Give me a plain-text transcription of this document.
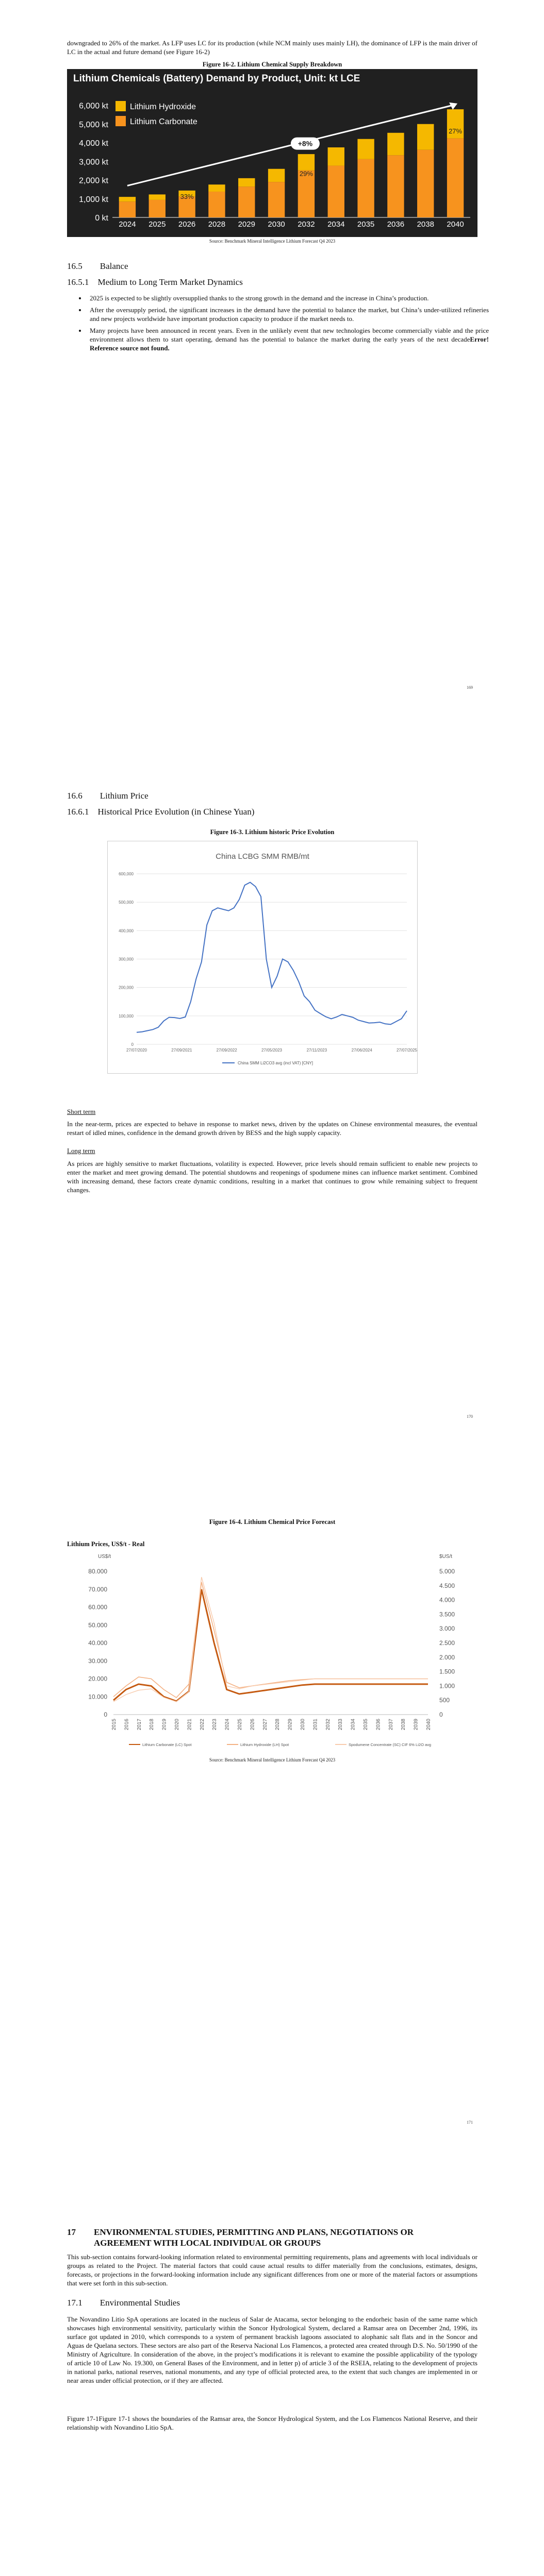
downgraded to 26% of the market. As LFP uses LC for its production (while NCM mainly uses mainly LH), the dominance of LFP is the main driver of LC in the actual and future demand (see Figure 16-2)

Figure 16-2. Lithium Chemical Supply Breakdown

Lithium Chemicals (Battery) Demand by Product, Unit: kt LCE
0 kt
1,000 kt
2,000 kt
3,000 kt
4,000 kt
5,000 kt
6,000 kt
2024 2025 2026 2028 2029 2030 2032 2034 2035 2036 2038 2040
Lithium Hydroxide
Lithium Carbonate
33%
29%
27%
+8%

Source: Benchmark Mineral Intelligence Lithium Forecast Q4 2023

16.5  Balance
16.5.1 Medium to Long Term Market Dynamics
• 2025 is expected to be slightly oversupplied thanks to the strong growth in the demand and the increase in China’s production.
• After the oversupply period, the significant increases in the demand have the potential to balance the market, but China’s under-utilized refineries and new projects worldwide have important production capacity to produce if the market needs to.
• Many projects have been announced in recent years. Even in the unlikely event that new technologies become commercially viable and the price environment allows them to start operating, demand has the potential to balance the market during the early years of the next decadeError! Reference source not found.
169
16.6  Lithium Price
16.6.1 Historical Price Evolution (in Chinese Yuan)

Figure 16-3. Lithium historic Price Evolution

China LCBG SMM RMB/mt
0
100,000
200,000
300,000
400,000
500,000
600,000
27/07/2020	27/09/2021	27/09/2022	27/05/2023	27/11/2023	27/06/2024	27/07/2025
China SMM Li2CO3 avg (incl VAT) [CNY]
Short term

In the near-term, prices are expected to behave in response to market news, driven by the updates on Chinese environmental measures, the eventual restart of idled mines, confidence in the demand growth driven by BESS and the high supply capacity.

Long term

As prices are highly sensitive to market fluctuations, volatility is expected. However, price levels should remain sufficient to enable new projects to enter the market and meet growing demand. The potential shutdowns and reopenings of spodumene mines can influence market sentiment. Combined with increasing demand, these factors create dynamic conditions, resulting in a market that continues to grow while remaining subject to frequent changes.

170

Figure 16-4. Lithium Chemical Price Forecast

Lithium Prices, US$/t - Real
US$/t	$US/t
0
10.000
20.000
30.000
40.000
50.000
60.000
70.000
80.000
0
500
1.000
1.500
2.000
2.500
3.000
3.500
4.000
4.500
5.000
2015 2016 2017 2018 2019 2020 2021 2022 2023 2024 2025 2026 2027 2028 2029 2030 2031 2032 2033 2034 2035 2036 2037 2038 2039 2040
Lithium Carbonate (LC) Spot	Lithium Hydroxide (LH) Spot	Spodumene Concentrate (SC) CIF 6% Li2O avg

Source: Benchmark Mineral Intelligence Lithium Forecast Q4 2023

171
17 ENVIRONMENTAL STUDIES, PERMITTING AND PLANS, NEGOTIATIONS OR AGREEMENT WITH LOCAL INDIVIDUAL OR GROUPS

This sub-section contains forward-looking information related to environmental permitting requirements, plans and agreements with local individuals or groups as related to the Project. The material factors that could cause actual results to differ materially from the conclusions, estimates, designs, forecasts, or projections in the forward-looking information include any significant differences from one or more of the material factors or assumptions that were set forth in this sub-section.

17.1  Environmental Studies

The Novandino Litio SpA operations are located in the nucleus of Salar de Atacama, sector belonging to the endorheic basin of the same name which showcases high environmental sensitivity, particularly within the Soncor Hydrological System, declared a Ramsar area on December 2nd, 1996, its surface got updated in 2010, which corresponds to a system of permanent brackish lagoons associated to alophanic salt flats and in the Soncor and Aguas de Quelana sectors. These sectors are also part of the Reserva Nacional Los Flamencos, a protected area created through D.S. No. 50/1990 of the Ministry of Agriculture. In consideration of the above, in the project’s modifications it is relevant to examine the possible applicability of the typology of article 10 of Law No. 19.300, on General Bases of the Environment, and in letter p) of article 3 of the RSEIA, relating to the development of projects in national parks, national reserves, national monuments, and any type of official protected area, to the extent that such changes are implemented in or near areas under official protection, or if they are affected.

Figure 17-1Figure 17-1 shows the boundaries of the Ramsar area, the Soncor Hydrological System, and the Los Flamencos National Reserve, and their relationship with Novandino Litio SpA.
